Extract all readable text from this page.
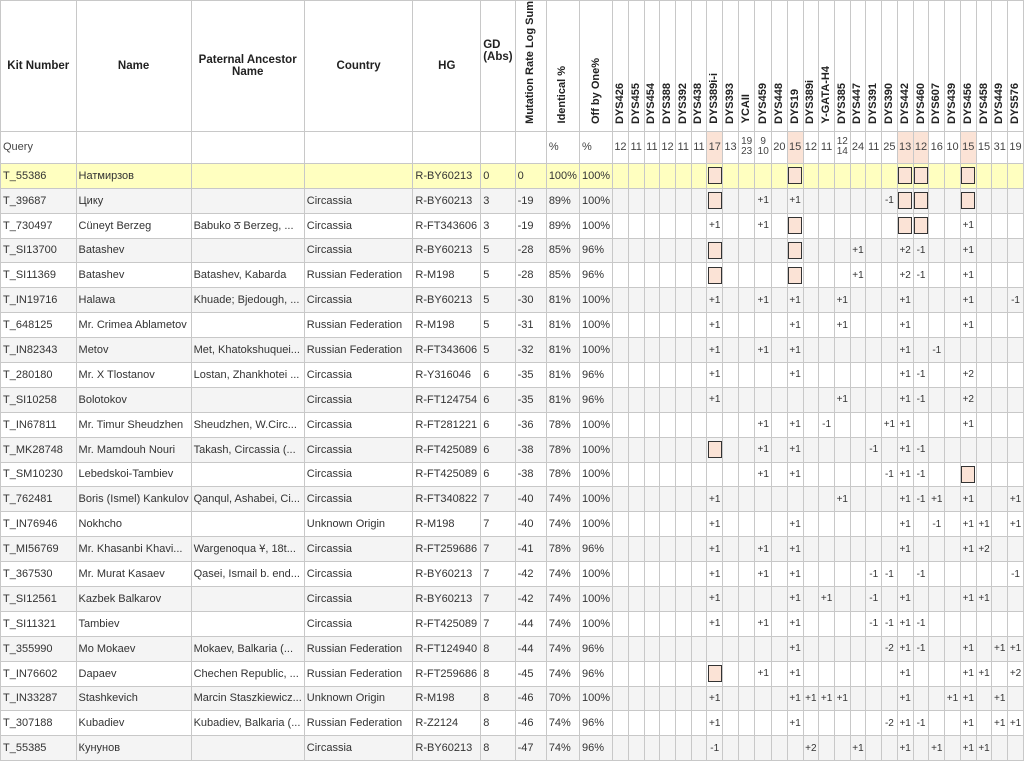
Kit Number	Name	Paternal Ancestor Name	Country	HG	GD (Abs)	Mutation Rate Log Sum	Identical %	Off by One%	DYS426	DYS455	DYS454	DYS388	DYS392	DYS438	DYS389i-i	DYS393	YCAII	DYS459	DYS448	DYS19	DYS389i	Y-GATA-H4	DYS385	DYS447	DYS391	DYS390	DYS442	DYS460	DYS607	DYS439	DYS456	DYS458	DYS449	DYS576
Query							%	%	12	11	11	12	11	11	17	13	19 23	9 10	20	15	12	11	12 14	24	11	25	13	12	16	10	15	15	31	19
T_55386	Натмирзов			R-BY60213	0	0	100%	100%																										
T_39687	Цику		Circassia	R-BY60213	3	-19	89%	100%										+1		+1						-1								
T_730497	Cüneyt Berzeg	Babuko ठ Berzeg, ...	Circassia	R-FT343606	3	-19	89%	100%							+1			+1													+1			
T_SI13700	Batashev		Circassia	R-BY60213	5	-28	85%	96%																+1			+2	-1			+1			
T_SI11369	Batashev	Batashev, Kabarda	Russian Federation	R-M198	5	-28	85%	96%																+1			+2	-1			+1			
T_IN19716	Halawa	Khuade; Bjedough, ...	Circassia	R-BY60213	5	-30	81%	100%							+1			+1		+1			+1				+1				+1			-1
T_648125	Mr. Crimea Ablametov		Russian Federation	R-M198	5	-31	81%	100%							+1					+1			+1				+1				+1			
T_IN82343	Metov	Met, Khatokshuquei...	Russian Federation	R-FT343606	5	-32	81%	100%							+1			+1		+1							+1		-1					
T_280180	Mr. X Tlostanov	Lostan, Zhankhotei ...	Circassia	R-Y316046	6	-35	81%	96%							+1					+1							+1	-1			+2			
T_SI10258	Bolotokov		Circassia	R-FT124754	6	-35	81%	96%							+1								+1				+1	-1			+2			
T_IN67811	Mr. Timur Sheudzhen	Sheudzhen, W.Circ...	Circassia	R-FT281221	6	-36	78%	100%										+1		+1		-1				+1	+1				+1			
T_MK28748	Mr. Mamdouh Nouri	Takash, Circassia (...	Circassia	R-FT425089	6	-38	78%	100%										+1		+1					-1		+1	-1						
T_SM10230	Lebedskoi-Tambiev		Circassia	R-FT425089	6	-38	78%	100%										+1		+1						-1	+1	-1						
T_762481	Boris (Ismel) Kankulov	Qanqul, Ashabei, Ci...	Circassia	R-FT340822	7	-40	74%	100%							+1								+1				+1	-1	+1		+1			+1
T_IN76946	Nokhcho		Unknown Origin	R-M198	7	-40	74%	100%							+1					+1							+1		-1		+1	+1		+1
T_MI56769	Mr. Khasanbi Khavi...	Wargenoqua Ұ, 18t...	Circassia	R-FT259686	7	-41	78%	96%							+1			+1		+1							+1				+1	+2		
T_367530	Mr. Murat Kasaev	Qasei, Ismail b. end...	Circassia	R-BY60213	7	-42	74%	100%							+1			+1		+1					-1	-1		-1						-1
T_SI12561	Kazbek Balkarov		Circassia	R-BY60213	7	-42	74%	100%							+1					+1		+1			-1		+1				+1	+1		
T_SI11321	Tambiev		Circassia	R-FT425089	7	-44	74%	100%							+1			+1		+1					-1	-1	+1	-1						
T_355990	Mo Mokaev	Mokaev, Balkaria (...	Russian Federation	R-FT124940	8	-44	74%	96%												+1						-2	+1	-1			+1		+1	+1
T_IN76602	Dapaev	Chechen Republic, ...	Russian Federation	R-FT259686	8	-45	74%	96%										+1		+1							+1				+1	+1		+2
T_IN33287	Stashkevich	Marcin Staszkiewicz...	Unknown Origin	R-M198	8	-46	70%	100%							+1					+1	+1	+1	+1				+1			+1	+1		+1	
T_307188	Kubadiev	Kubadiev, Balkaria (...	Russian Federation	R-Z2124	8	-46	74%	96%							+1					+1						-2	+1	-1			+1		+1	+1
T_55385	Кунунов		Circassia	R-BY60213	8	-47	74%	96%							-1						+2			+1			+1		+1		+1	+1		
